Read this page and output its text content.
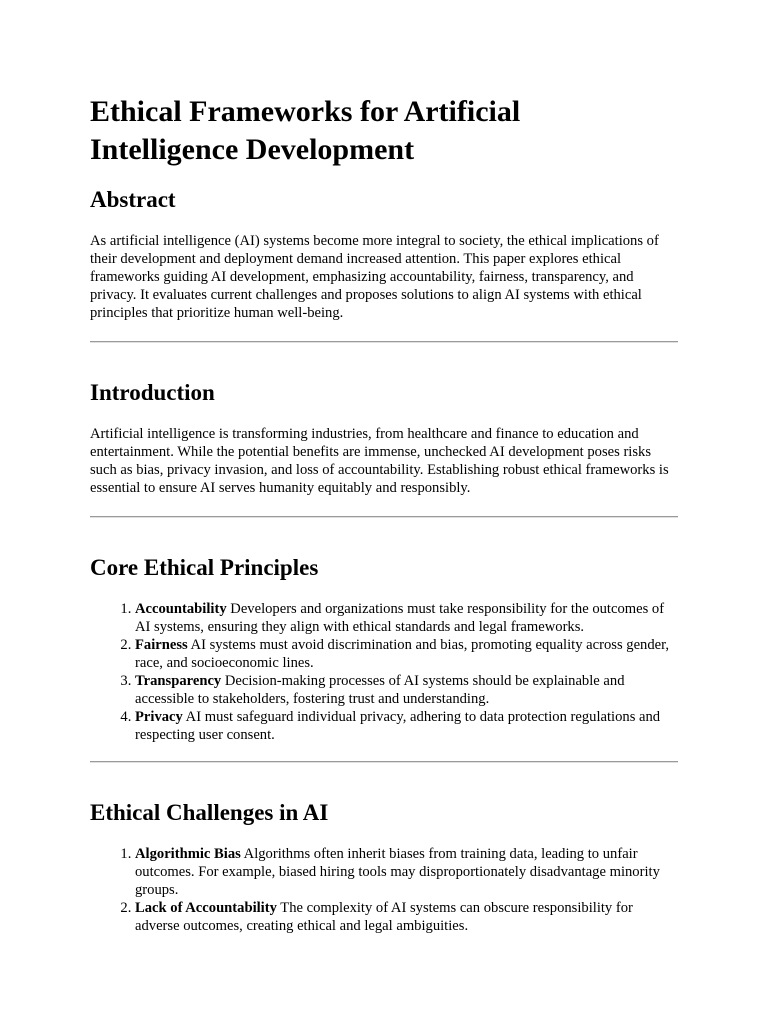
Ethical Frameworks for Artificial Intelligence Development
Abstract

As artificial intelligence (AI) systems become more integral to society, the ethical implications of their development and deployment demand increased attention. This paper explores ethical frameworks guiding AI development, emphasizing accountability, fairness, transparency, and privacy. It evaluates current challenges and proposes solutions to align AI systems with ethical principles that prioritize human well-being.

Introduction

Artificial intelligence is transforming industries, from healthcare and finance to education and entertainment. While the potential benefits are immense, unchecked AI development poses risks such as bias, privacy invasion, and loss of accountability. Establishing robust ethical frameworks is essential to ensure AI serves humanity equitably and responsibly.

Core Ethical Principles
1. Accountability Developers and organizations must take responsibility for the outcomes of AI systems, ensuring they align with ethical standards and legal frameworks.
2. Fairness AI systems must avoid discrimination and bias, promoting equality across gender, race, and socioeconomic lines.
3. Transparency Decision-making processes of AI systems should be explainable and accessible to stakeholders, fostering trust and understanding.
4. Privacy AI must safeguard individual privacy, adhering to data protection regulations and respecting user consent.
Ethical Challenges in AI
1. Algorithmic Bias Algorithms often inherit biases from training data, leading to unfair outcomes. For example, biased hiring tools may disproportionately disadvantage minority groups.
2. Lack of Accountability The complexity of AI systems can obscure responsibility for adverse outcomes, creating ethical and legal ambiguities.
